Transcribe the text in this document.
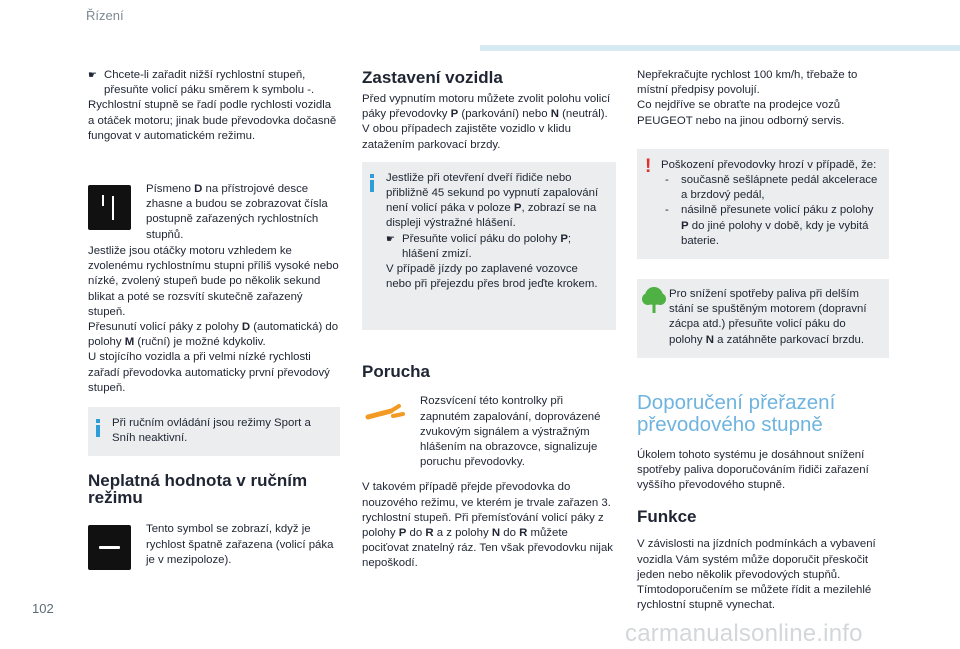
Řízení

☛ Chcete-li zařadit nižší rychlostní stupeň, přesuňte volicí páku směrem k symbolu -.

Rychlostní stupně se řadí podle rychlosti vozidla a otáček motoru; jinak bude převodovka dočasně fungovat v automatickém režimu.

Písmeno D na přístrojové desce zhasne a budou se zobrazovat čísla postupně zařazených rychlostních stupňů.

Jestliže jsou otáčky motoru vzhledem ke zvolenému rychlostnímu stupni příliš vysoké nebo nízké, zvolený stupeň bude po několik sekund blikat a poté se rozsvítí skutečně zařazený stupeň.

Přesunutí volicí páky z polohy D (automatická) do polohy M (ruční) je možné kdykoliv.

U stojícího vozidla a při velmi nízké rychlosti zařadí převodovka automaticky první převodový stupeň.

Při ručním ovládání jsou režimy Sport a Sníh neaktivní.

Neplatná hodnota v ručním režimu

Tento symbol se zobrazí, když je rychlost špatně zařazena (volicí páka je v mezipoloze).

Zastavení vozidla

Před vypnutím motoru můžete zvolit polohu volicí páky převodovky P (parkování) nebo N (neutrál).

V obou případech zajistěte vozidlo v klidu zatažením parkovací brzdy.

Jestliže při otevření dveří řidiče nebo přibližně 45 sekund po vypnutí zapalování není volicí páka v poloze P, zobrazí se na displeji výstražné hlášení.

☛ Přesuňte volicí páku do polohy P; hlášení zmizí.

V případě jízdy po zaplavené vozovce nebo při přejezdu přes brod jeďte krokem.

Porucha

Rozsvícení této kontrolky při zapnutém zapalování, doprovázené zvukovým signálem a výstražným hlášením na obrazovce, signalizuje poruchu převodovky.

V takovém případě přejde převodovka do nouzového režimu, ve kterém je trvale zařazen 3. rychlostní stupeň. Při přemísťování volicí páky z polohy P do R a z polohy N do R můžete pociťovat znatelný ráz. Ten však převodovku nijak nepoškodí.

Nepřekračujte rychlost 100 km/h, třebaže to místní předpisy povolují.

Co nejdříve se obraťte na prodejce vozů PEUGEOT nebo na jinou odborný servis.

! Poškození převodovky hrozí v případě, že:

- současně sešlápnete pedál akcelerace a brzdový pedál,

- násilně přesunete volicí páku z polohy P do jiné polohy v době, kdy je vybitá baterie.

Pro snížení spotřeby paliva při delším stání se spuštěným motorem (dopravní zácpa atd.) přesuňte volicí páku do polohy N a zatáhněte parkovací brzdu.

Doporučení přeřazení převodového stupně

Úkolem tohoto systému je dosáhnout snížení spotřeby paliva doporučováním řidiči zařazení vyššího převodového stupně.

Funkce

V závislosti na jízdních podmínkách a vybavení vozidla Vám systém může doporučit přeskočit jeden nebo několik převodových stupňů. Tímtodoporučením se můžete řídit a mezilehlé rychlostní stupně vynechat.

102
carmanualsonline.info
